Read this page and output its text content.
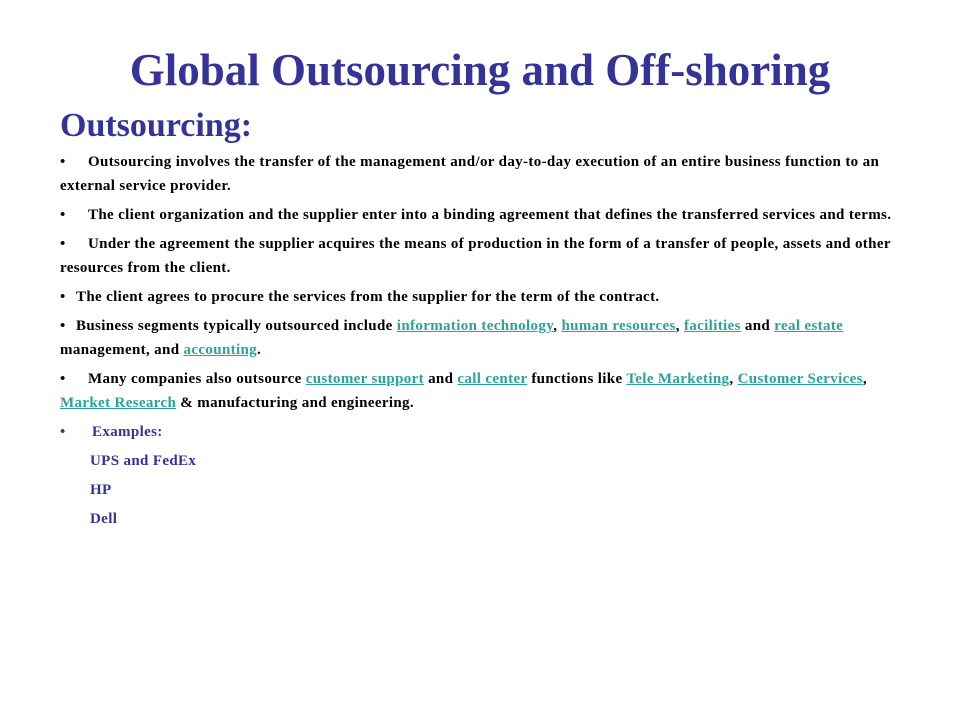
Global Outsourcing and Off-shoring
Outsourcing:

• Outsourcing involves the transfer of the management and/or day-to-day execution of an entire business function to an external service provider.

• The client organization and the supplier enter into a binding agreement that defines the transferred services and terms.

• Under the agreement the supplier acquires the means of production in the form of a transfer of people, assets and other resources from the client.

• The client agrees to procure the services from the supplier for the term of the contract.

• Business segments typically outsourced include information technology, human resources, facilities and real estate management, and accounting.

• Many companies also outsource customer support and call center functions like Tele Marketing, Customer Services, Market Research & manufacturing and engineering.

• Examples:

UPS and FedEx

HP

Dell
